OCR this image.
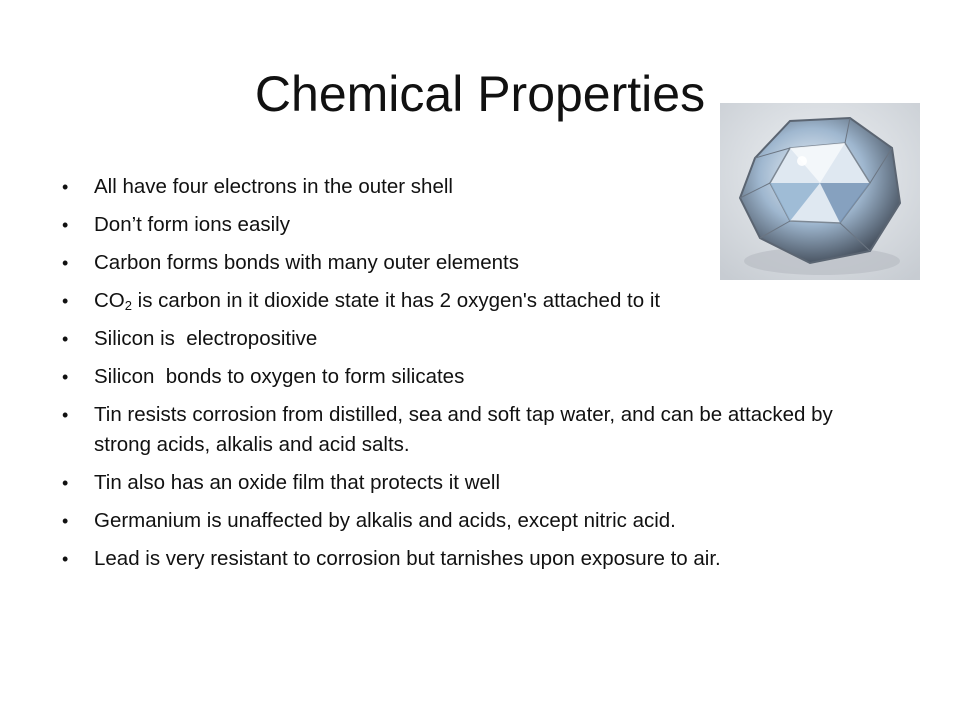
Chemical Properties
• All have four electrons in the outer shell
• Don’t form ions easily
• Carbon forms bonds with many outer elements
• $CO_2$ is carbon in it dioxide state it has 2 oxygen's attached to it
• Silicon is  electropositive
• Silicon  bonds to oxygen to form silicates
• Tin resists corrosion from distilled, sea and soft tap water, and can be attacked by strong acids, alkalis and acid salts.
• Tin also has an oxide film that protects it well
• Germanium is unaffected by alkalis and acids, except nitric acid.
• Lead is very resistant to corrosion but tarnishes upon exposure to air.
